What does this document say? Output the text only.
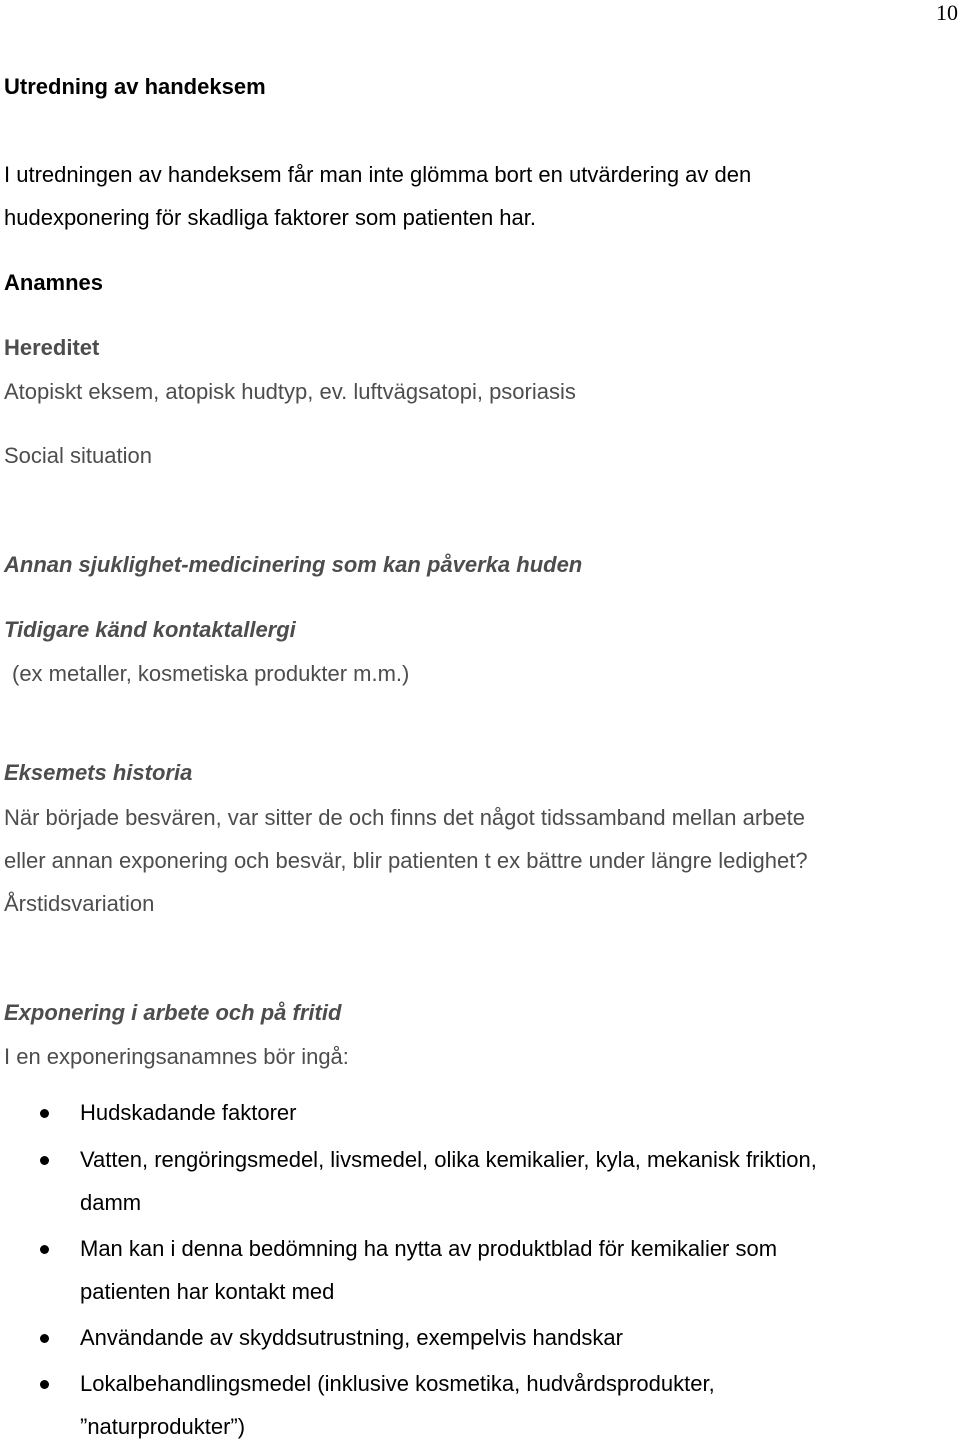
10
Utredning av handeksem
I utredningen av handeksem får man inte glömma bort en utvärdering av den
hudexponering för skadliga faktorer som patienten har.
Anamnes
Hereditet
Atopiskt eksem, atopisk hudtyp, ev. luftvägsatopi, psoriasis
Social situation
Annan sjuklighet-medicinering som kan påverka huden
Tidigare känd kontaktallergi
(ex metaller, kosmetiska produkter m.m.)
Eksemets historia
När började besvären, var sitter de och finns det något tidssamband mellan arbete
eller annan exponering och besvär, blir patienten t ex bättre under längre ledighet?
Årstidsvariation
Exponering i arbete och på fritid
I en exponeringsanamnes bör ingå:
Hudskadande faktorer
Vatten, rengöringsmedel, livsmedel, olika kemikalier, kyla, mekanisk friktion,
damm
Man kan i denna bedömning ha nytta av produktblad för kemikalier som
patienten har kontakt med
Användande av skyddsutrustning, exempelvis handskar
Lokalbehandlingsmedel (inklusive kosmetika, hudvårdsprodukter,
”naturprodukter”)
